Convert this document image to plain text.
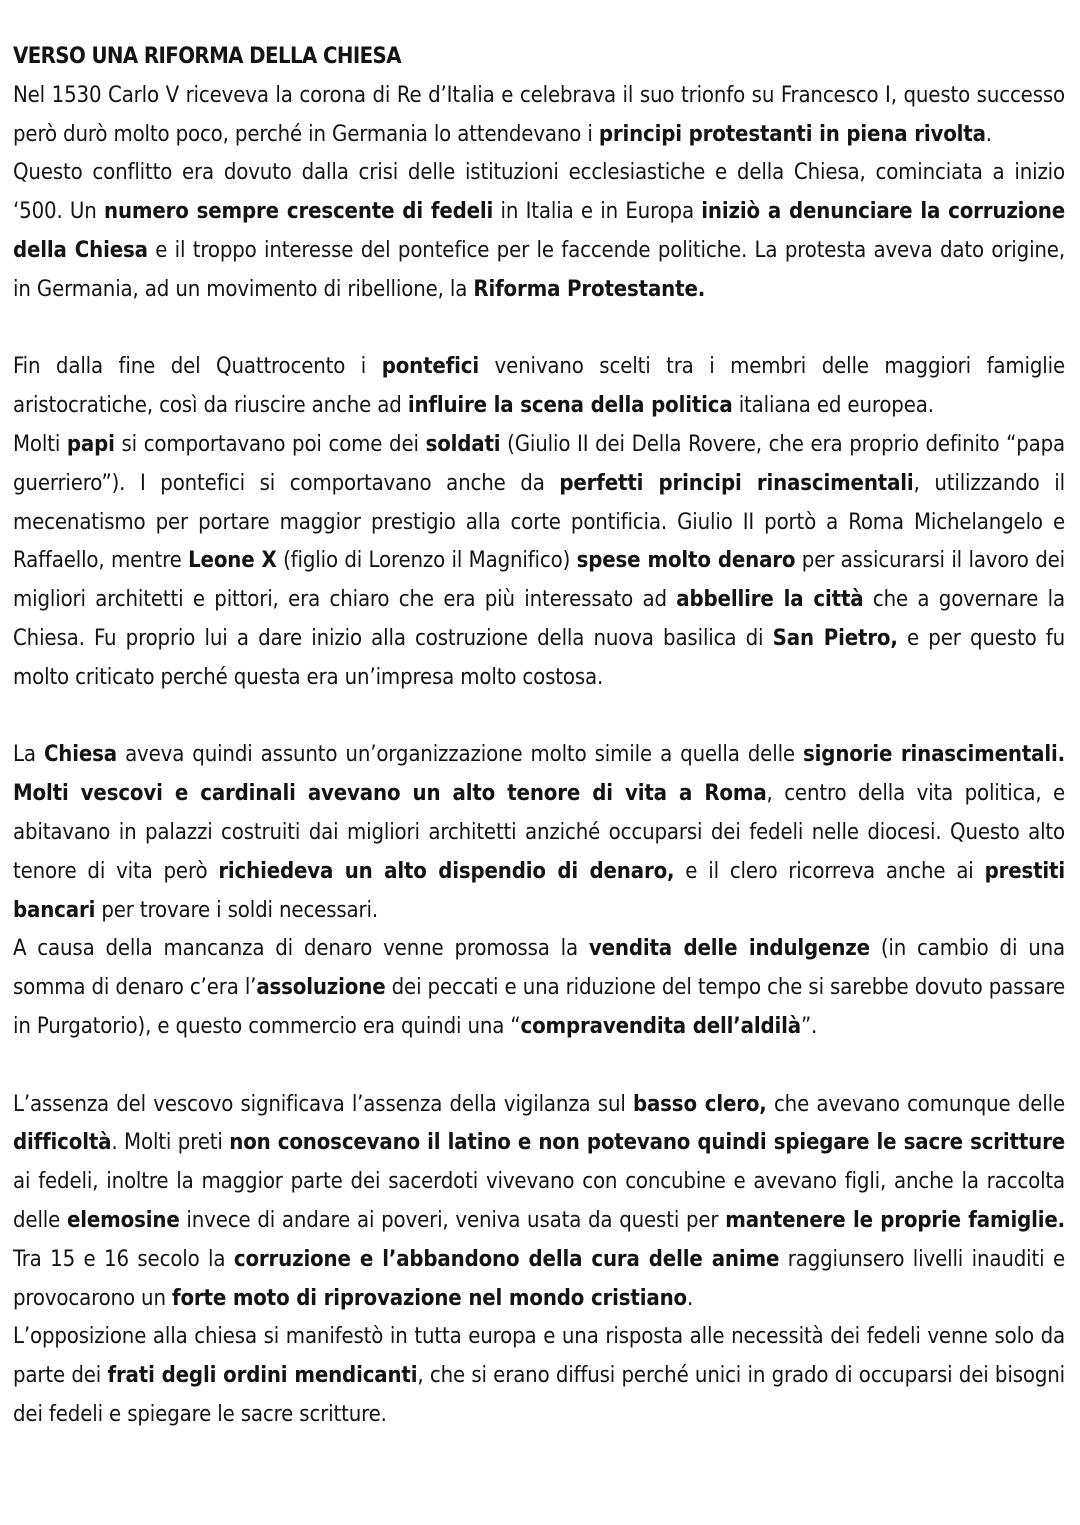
VERSO UNA RIFORMA DELLA CHIESA

Nel 1530 Carlo V riceveva la corona di Re d’Italia e celebrava il suo trionfo su Francesco I, questo successo però durò molto poco, perché in Germania lo attendevano i principi protestanti in piena rivolta.

Questo conflitto era dovuto dalla crisi delle istituzioni ecclesiastiche e della Chiesa, cominciata a inizio ‘500. Un numero sempre crescente di fedeli in Italia e in Europa iniziò a denunciare la corruzione della Chiesa e il troppo interesse del pontefice per le faccende politiche. La protesta aveva dato origine, in Germania, ad un movimento di ribellione, la Riforma Protestante.

Fin dalla fine del Quattrocento i pontefici venivano scelti tra i membri delle maggiori famiglie aristocratiche, così da riuscire anche ad influire la scena della politica italiana ed europea.

Molti papi si comportavano poi come dei soldati (Giulio II dei Della Rovere, che era proprio definito “papa guerriero”). I pontefici si comportavano anche da perfetti principi rinascimentali, utilizzando il mecenatismo per portare maggior prestigio alla corte pontificia. Giulio II portò a Roma Michelangelo e Raffaello, mentre Leone X (figlio di Lorenzo il Magnifico) spese molto denaro per assicurarsi il lavoro dei migliori architetti e pittori, era chiaro che era più interessato ad abbellire la città che a governare la Chiesa. Fu proprio lui a dare inizio alla costruzione della nuova basilica di San Pietro, e per questo fu molto criticato perché questa era un’impresa molto costosa.

La Chiesa aveva quindi assunto un’organizzazione molto simile a quella delle signorie rinascimentali. Molti vescovi e cardinali avevano un alto tenore di vita a Roma, centro della vita politica, e abitavano in palazzi costruiti dai migliori architetti anziché occuparsi dei fedeli nelle diocesi. Questo alto tenore di vita però richiedeva un alto dispendio di denaro, e il clero ricorreva anche ai prestiti bancari per trovare i soldi necessari.

A causa della mancanza di denaro venne promossa la vendita delle indulgenze (in cambio di una somma di denaro c’era l’assoluzione dei peccati e una riduzione del tempo che si sarebbe dovuto passare in Purgatorio), e questo commercio era quindi una “compravendita dell’aldilà”.

L’assenza del vescovo significava l’assenza della vigilanza sul basso clero, che avevano comunque delle difficoltà. Molti preti non conoscevano il latino e non potevano quindi spiegare le sacre scritture ai fedeli, inoltre la maggior parte dei sacerdoti vivevano con concubine e avevano figli, anche la raccolta delle elemosine invece di andare ai poveri, veniva usata da questi per mantenere le proprie famiglie. Tra 15 e 16 secolo la corruzione e l’abbandono della cura delle anime raggiunsero livelli inauditi e provocarono un forte moto di riprovazione nel mondo cristiano.

L’opposizione alla chiesa si manifestò in tutta europa e una risposta alle necessità dei fedeli venne solo da parte dei frati degli ordini mendicanti, che si erano diffusi perché unici in grado di occuparsi dei bisogni dei fedeli e spiegare le sacre scritture.
